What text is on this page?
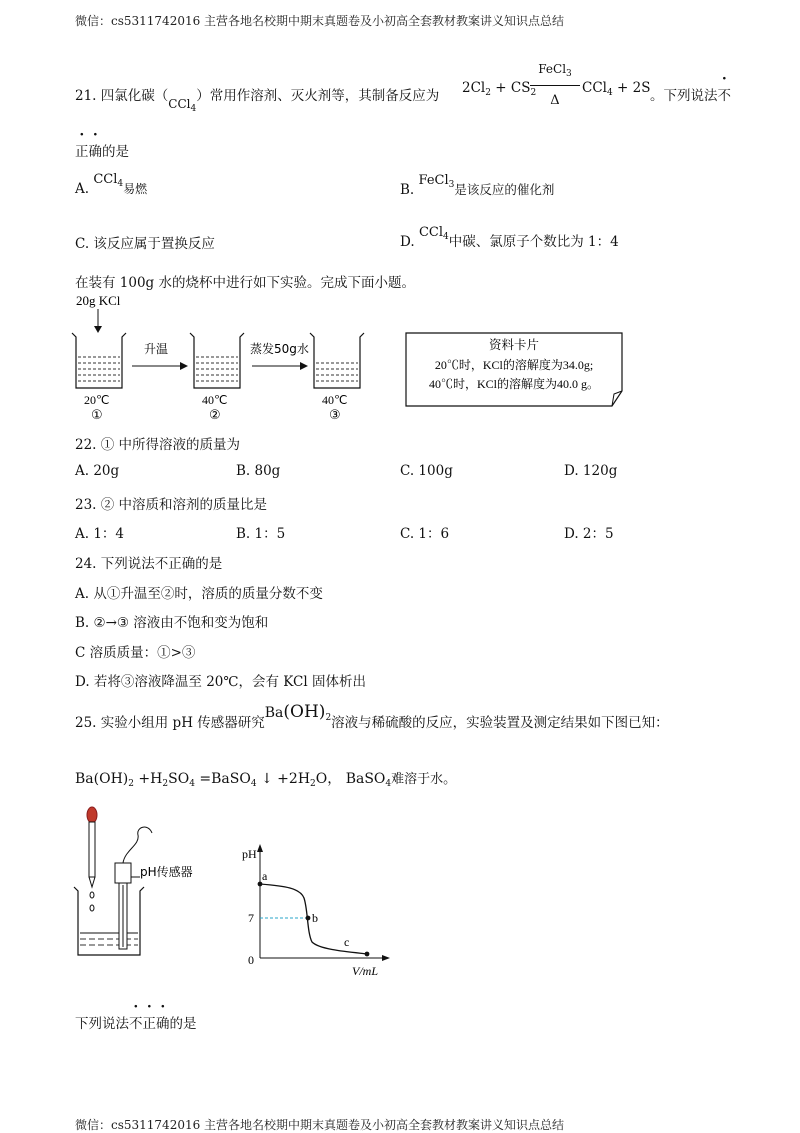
微信：cs5311742016 主营各地名校期中期末真题卷及小初高全套教材教案讲义知识点总结
21. 四氯化碳（CCl$_4$）常用作溶剂、灭火剂等，其制备反应为 $2Cl_2 + CS_2$
FeCl$_3$
Δ
CCl$_4$ + 2S 。下列说法不
正确的是
A. CCl$_4$易燃	B. FeCl$_3$是该反应的催化剂
C. 该反应属于置换反应	D. CCl$_4$中碳、氯原子个数比为 1：4
在装有 100g 水的烧杯中进行如下实验。完成下面小题。
20g KCl
20℃
①
升温
40℃
②
蒸发50g水
40℃
③
资料卡片
20℃时，KCl的溶解度为34.0g;
40℃时，KCl的溶解度为40.0 g。
22. ① 中所得溶液的质量为
A. 20g	B. 80g	C. 100g	D. 120g
23. ② 中溶质和溶剂的质量比是
A. 1：4	B. 1：5	C. 1：6	D. 2：5
24. 下列说法不正确的是
A. 从①升温至②时，溶质的质量分数不变
B. ②→③ 溶液由不饱和变为饱和
C 溶质质量：①>③
D. 若将③溶液降温至 20℃，会有 KCl 固体析出
25. 实验小组用 pH 传感器研究$Ba(OH)_2$溶液与稀硫酸的反应，实验装置及测定结果如下图已知：
$Ba(OH)_2 +H_2SO_4$ =BaSO$_4$ ↓ $+2H_2O$， BaSO$_4$难溶于水。
pH传感器
pH
V/mL
7
0
a
b
c
下列说法不正确的是
微信：cs5311742016 主营各地名校期中期末真题卷及小初高全套教材教案讲义知识点总结
